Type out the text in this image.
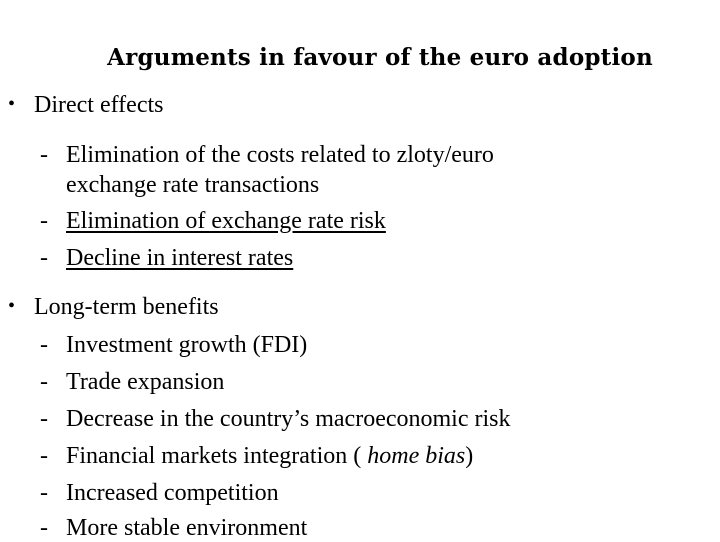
Arguments in favour of the euro adoption
• Direct effects
- Elimination of the costs related to zloty/euro
exchange rate transactions
- Elimination of exchange rate risk
- Decline in interest rates
• Long-term benefits
- Investment growth (FDI)
- Trade expansion
- Decrease in the country’s macroeconomic risk
- Financial markets integration ( home bias)
- Increased competition
- More stable environment
